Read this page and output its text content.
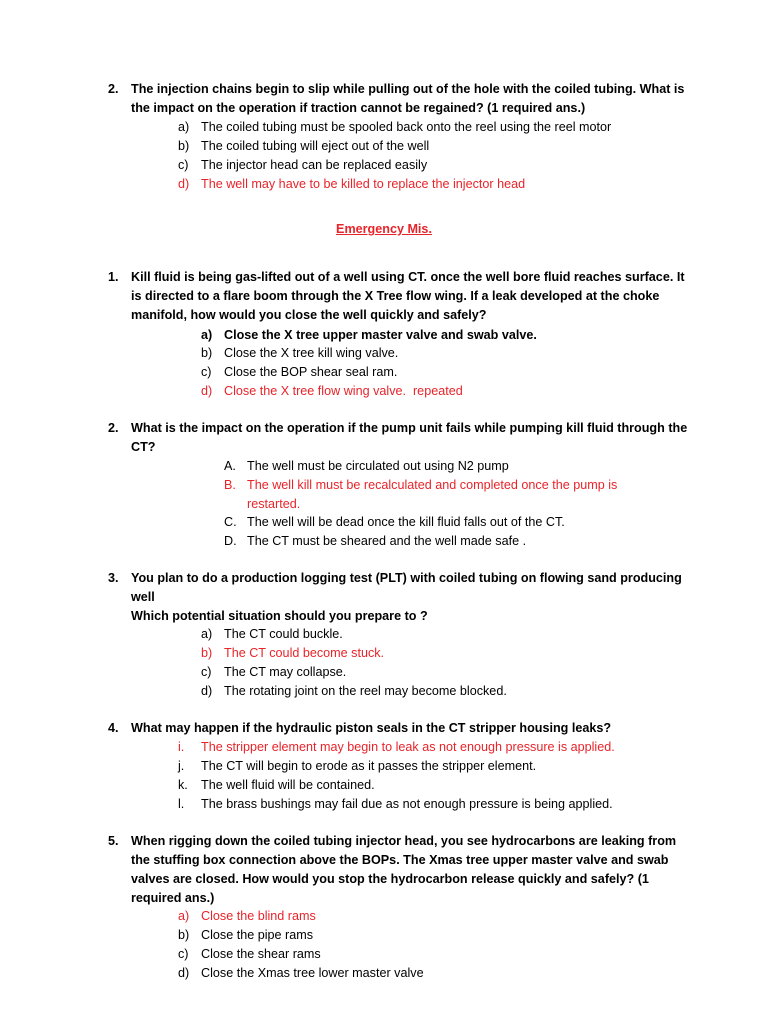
2. The injection chains begin to slip while pulling out of the hole with the coiled tubing. What is the impact on the operation if traction cannot be regained? (1 required ans.)
a) The coiled tubing must be spooled back onto the reel using the reel motor
b) The coiled tubing will eject out of the well
c) The injector head can be replaced easily
d) The well may have to be killed to replace the injector head
Emergency Mis.
1. Kill fluid is being gas-lifted out of a well using CT. once the well bore fluid reaches surface. It is directed to a flare boom through the X Tree flow wing. If a leak developed at the choke manifold, how would you close the well quickly and safely?
a) Close the X tree upper master valve and swab valve.
b) Close the X tree kill wing valve.
c) Close the BOP shear seal ram.
d) Close the X tree flow wing valve.  repeated
2. What is the impact on the operation if the pump unit fails while pumping kill fluid through the CT?
A. The well must be circulated out using N2 pump
B. The well kill must be recalculated and completed once the pump is restarted.
C. The well will be dead once the kill fluid falls out of the CT.
D. The CT must be sheared and the well made safe .
3. You plan to do a production logging test (PLT) with coiled tubing on flowing sand producing well
Which potential situation should you prepare to ?
a) The CT could buckle.
b) The CT could become stuck.
c) The CT may collapse.
d) The rotating joint on the reel may become blocked.
4. What may happen if the hydraulic piston seals in the CT stripper housing leaks?
i. The stripper element may begin to leak as not enough pressure is applied.
j. The CT will begin to erode as it passes the stripper element.
k. The well fluid will be contained.
l. The brass bushings may fail due as not enough pressure is being applied.
5. When rigging down the coiled tubing injector head, you see hydrocarbons are leaking from the stuffing box connection above the BOPs. The Xmas tree upper master valve and swab valves are closed. How would you stop the hydrocarbon release quickly and safely? (1 required ans.)
a) Close the blind rams
b) Close the pipe rams
c) Close the shear rams
d) Close the Xmas tree lower master valve
